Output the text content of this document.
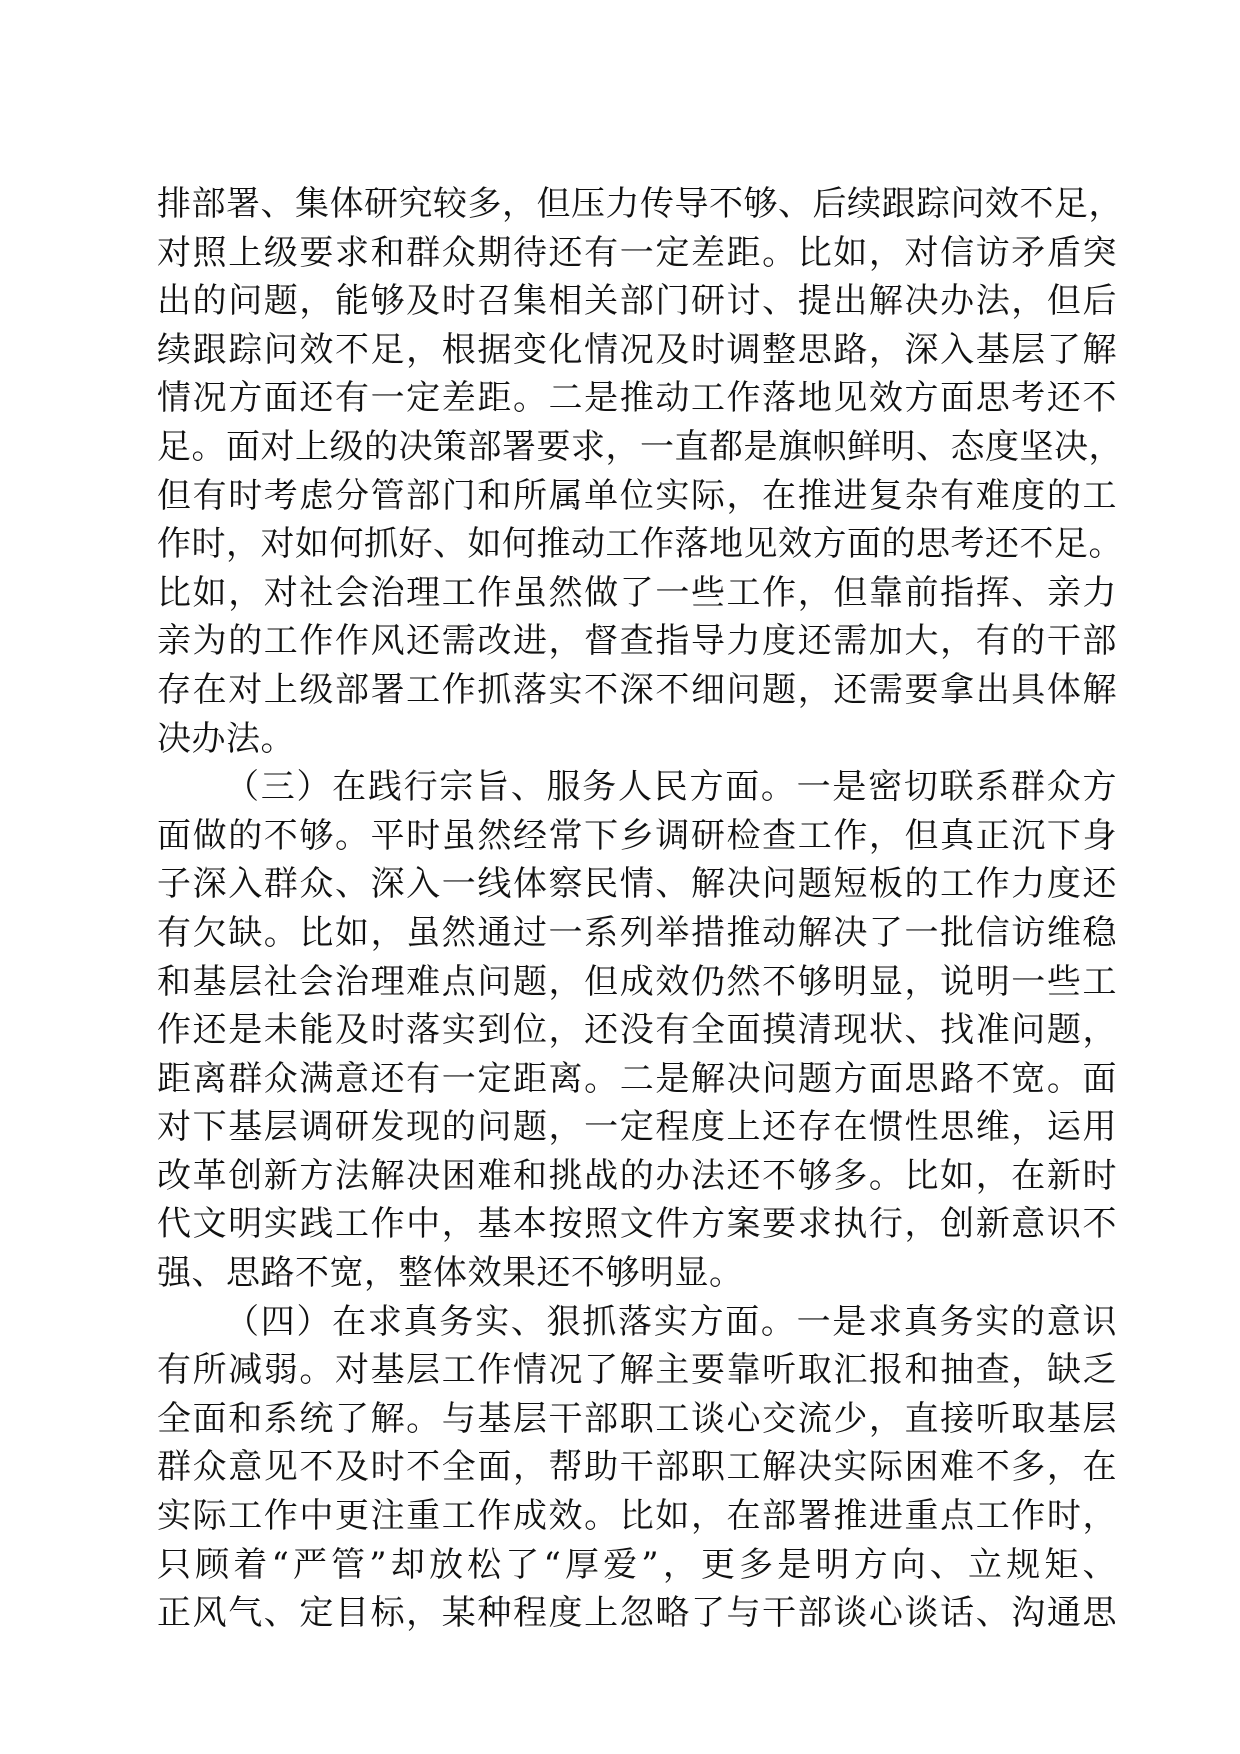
排部署、集体研究较多，但压力传导不够、后续跟踪问效不足，
对照上级要求和群众期待还有一定差距。比如，对信访矛盾突
出的问题，能够及时召集相关部门研讨、提出解决办法，但后
续跟踪问效不足，根据变化情况及时调整思路，深入基层了解
情况方面还有一定差距。二是推动工作落地见效方面思考还不
足。面对上级的决策部署要求，一直都是旗帜鲜明、态度坚决，
但有时考虑分管部门和所属单位实际，在推进复杂有难度的工
作时，对如何抓好、如何推动工作落地见效方面的思考还不足。
比如，对社会治理工作虽然做了一些工作，但靠前指挥、亲力
亲为的工作作风还需改进，督查指导力度还需加大，有的干部
存在对上级部署工作抓落实不深不细问题，还需要拿出具体解
决办法。
（三）在践行宗旨、服务人民方面。一是密切联系群众方
面做的不够。平时虽然经常下乡调研检查工作，但真正沉下身
子深入群众、深入一线体察民情、解决问题短板的工作力度还
有欠缺。比如，虽然通过一系列举措推动解决了一批信访维稳
和基层社会治理难点问题，但成效仍然不够明显，说明一些工
作还是未能及时落实到位，还没有全面摸清现状、找准问题，
距离群众满意还有一定距离。二是解决问题方面思路不宽。面
对下基层调研发现的问题，一定程度上还存在惯性思维，运用
改革创新方法解决困难和挑战的办法还不够多。比如，在新时
代文明实践工作中，基本按照文件方案要求执行，创新意识不
强、思路不宽，整体效果还不够明显。
（四）在求真务实、狠抓落实方面。一是求真务实的意识
有所减弱。对基层工作情况了解主要靠听取汇报和抽查，缺乏
全面和系统了解。与基层干部职工谈心交流少，直接听取基层
群众意见不及时不全面，帮助干部职工解决实际困难不多，在
实际工作中更注重工作成效。比如，在部署推进重点工作时，
只顾着“严管”却放松了“厚爱”，更多是明方向、立规矩、
正风气、定目标，某种程度上忽略了与干部谈心谈话、沟通思
